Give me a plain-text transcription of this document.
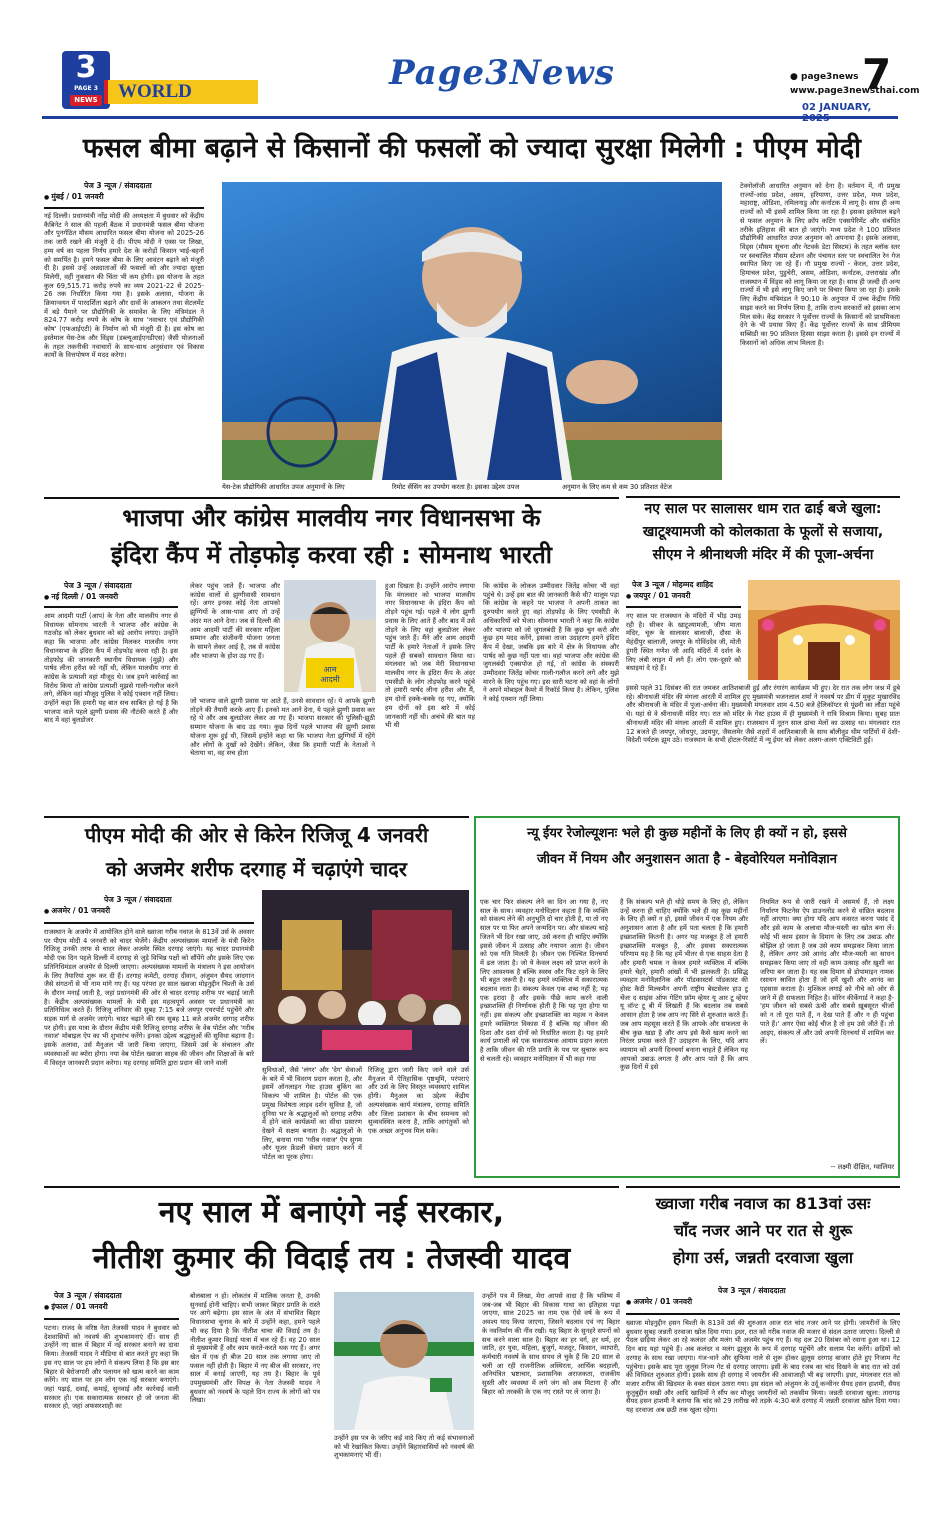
3
PAGE 3
NEWS WORLD	Page3News	● page3news
www.page3newsthai.com
7
02 JANUARY,
फसल बीमा बढ़ाने से किसानों की फसलों को ज्यादा सुरक्षा मिलेगी : पीएम मोदी
पेज 3 न्यूज / संवाददाता
● मुंबई / 01 जनवरी
नई दिल्ली। प्रधानमंत्री नरेंद्र मोदी की अध्यक्षता में बुधवार को केंद्रीय कैबिनेट ने साल की पहली बैठक में प्रधानमंत्री फसल बीमा योजना और पुनर्गठित मौसम आधारित फसल बीमा योजना को 2025-26 तक जारी रखने की मंजूरी दे दी। पीएम मोदी ने एक्स पर लिखा, हम्य वर्ष का पहला निर्णय हमारे देश के करोड़ों किसान भाई-बहनों को समर्पित है। हमने फसल बीमा के लिए आवंटन बढ़ाने को मंजूरी दी है। इससे उन्हें अन्नदाताओं की फसलों को और ज्यादा सुरक्षा मिलेगी, वहीं नुकसान की चिंता भी कम होगी। इस योजना के तहत कुल 69,515.71 करोड़ रुपये का व्यय 2021-22 से 2025-26 तक निर्धारित किया गया है। इसके अलावा, योजना के क्रियान्वयन में पारदर्शिता बढ़ाने और दावों के आकलन तथा सेटलमेंट में बड़े पैमाने पर प्रौद्योगिकी के समावेश के लिए मंत्रिमंडल ने 824.77 करोड़ रुपये के कोष के साथ 'नवाचार एवं प्रौद्योगिकी कोष' (एफआईएटी) के निर्माण को भी मंजूरी दी है। इस कोष का इस्तेमाल येस-टेक और विंड्स (डब्ल्यूआईएनडीएस) जैसी योजनाओं के तहत तकनीकी नवाचारों के साथ-साथ अनुसंधान एवं विकास कार्यों के वित्तपोषण में मदद करेगा।
येस-टेक प्रौद्योगिकी आधारित उपज अनुमानों के लिए	रिमोट सेंसिंग का उपयोग करता है। इसका उद्देश्य उपज	अनुमान के लिए कम से कम 30 प्रतिशत वेटेज
टेक्नोलॉजी आधारित अनुमान को देना है। वर्तमान में, नौ प्रमुख राज्यों-आंध्र प्रदेश, असम, हरियाणा, उत्तर प्रदेश, मध्य प्रदेश, महाराष्ट्र, ओडिशा, तमिलनाडु और कर्नाटक में लागू है। साथ ही अन्य राज्यों को भी इसमें शामिल किया जा रहा है। इसका इस्तेमाल बढ़ने से फसल अनुमान के लिए क्रॉप कटिंग एक्सपेरिमेंट और संबंधित तरीके इतिहास की बात हो जाएंगे। मध्य प्रदेश ने 100 प्रतिशत प्रौद्योगिकी आधारित उपज अनुमान को अपनाया है। इसके अलावा, विंड्स (मौसम सूचना और नेटवर्क डेटा सिस्टम) के तहत ब्लॉक स्तर पर स्वचालित मौसम स्टेशन और पंचायत स्तर पर स्वचालित रेन गेज स्थापित किए जा रहे हैं। नौ प्रमुख राज्यों - केरल, उत्तर प्रदेश, हिमाचल प्रदेश, पुडुचेरी, असम, ओडिशा, कर्नाटक, उत्तराखंड और राजस्थान में विंड्स को लागू किया जा रहा है। साथ ही जल्दी ही अन्य राज्यों में भी इसे लागू किए जाने पर विचार किया जा रहा है। इसके लिए केंद्रीय मंत्रिमंडल ने 90:10 के अनुपात में उच्च केंद्रीय निधि साझा करने का निर्णय लिया है, ताकि राज्य सरकारों को इसका लाभ मिल सके। केंद्र सरकार ने पूर्वोत्तर राज्यों के किसानों को प्राथमिकता देने के भी प्रयास किए हैं। केंद्र पूर्वोत्तर राज्यों के साथ प्रीमियम सब्सिडी का 90 प्रतिशत हिस्सा साझा करता है। इससे इन राज्यों में किसानों को अधिक लाभ मिलता है।
भाजपा और कांग्रेस मालवीय नगर विधानसभा के
इंदिरा कैंप में तोड़फोड़ करवा रही : सोमनाथ भारती
पेज 3 न्यूज / संवाददाता
● नई दिल्ली / 01 जनवरी
आम आदमी पार्टी (आप) के नेता और मालवीय नगर से विधायक सोमनाथ भारती ने भाजपा और कांग्रेस के गठजोड़ को लेकर बुधवार को बड़े आरोप लगाए। उन्होंने कहा कि भाजपा और कांग्रेस मिलकर मालवीय नगर विधानसभा के इंदिरा कैंप में तोड़फोड़ करवा रही है। इस तोड़फोड़ की जानकारी स्थानीय विधायक (मुझे) और पार्षद लीना हरीश को नहीं थी, लेकिन मालवीय नगर से कांग्रेस के प्रत्याशी वहां मौजूद थे। जब हमने कार्रवाई का विरोध किया तो कांग्रेस प्रत्याशी मुझसे गाली-गलौज करने लगे, लेकिन वहां मौजूद पुलिस ने कोई एक्शन नहीं लिया। उन्होंने कहा कि हमारी यह बात सच साबित हो गई है कि भाजपा वाले पहले झुग्गी प्रवास की नौटंकी करते हैं और बाद में वहां बुलडोजर
लेकर पहुंच जाते हैं। भाजपा और कांग्रेस वालों से झुग्गीवासी सावधान रहें। अगर इनका कोई नेता आपको झुग्गियों के आस-पास आए तो उन्हें अंदर मत आने देना। जब से दिल्ली की आम आदमी पार्टी की सरकार महिला सम्मान और संजीवनी योजना जनता के सामने लेकर आई है, तब से कांग्रेस और भाजपा के होश उड़ गए हैं।
आम
आदमी
जो भाजपा वाले झुग्गी प्रवास पर आते हैं, उनसे सावधान रहें। ये आपके झुग्गी तोड़ने की तैयारी करके आए हैं। इनको मत आने देना, ये पहले झुग्गी प्रवास कर रहे थे और अब बुलडोजर लेकर आ गए हैं। भाजपा सरकार की पुलिसी-झूठी सम्मान योजना के बाद उड़ गया। कुछ दिनों पहले भाजपा की झुग्गी प्रवास योजना शुरू हुई थी, जिसमें इन्होंने कहा था कि भाजपा नेता झुग्गियों में रहेंगे और लोगों के दुखों को देखेंगे। लेकिन, जैसा कि हमारी पार्टी के नेताओं ने चेताया था, वह सच होता
हुआ दिखता है। उन्होंने आरोप लगाया कि मंगलवार को भाजपा मालवीय नगर विधानसभा के इंदिरा कैंप को तोड़ने पहुंच गई। पहले ये लोग झुग्गी प्रवास के लिए आते हैं और बाद में उसे तोड़ने के लिए वहां बुलडोजर लेकर पहुंच जाते हैं। मैंने और आम आदमी पार्टी के हमारे नेताओं ने इसके लिए पहले ही सबको सावधान किया था। मंगलवार को जब मेरी विधानसभा मालवीय नगर के इंदिरा कैंप के अंदर एमसीडी के लोग तोड़फोड़ करने पहुंचे तो हमारी पार्षद लीना हरीश और मैं, हम दोनों हक्के-बक्के रह गए, क्योंकि हम दोनों को इस बारे में कोई जानकारी नहीं थी। अचंभे की बात यह भी थी
कि कांग्रेस के लोकल उम्मीदवार जितेंद्र कोचर भी वहां पहुंचे थे। उन्हें इस बात की जानकारी कैसे थी? मालूम पड़ा कि कांग्रेस के कहने पर भाजपा ने अपनी ताकत का दुरुपयोग करते हुए वहां तोड़फोड़ के लिए एमसीडी के अधिकारियों को भेजा। सोमनाथ भारती ने कहा कि कांग्रेस और भाजपा को जो जुगलबंदी है कि कुछ चुन करो और कुछ हम मदद करेंगे, इसका ताजा उदाहरण हमने इंदिरा कैंप में देखा, जबकि इस बारे में क्षेत्र के विधायक और पार्षद को कुछ नहीं पता था। वहां भाजपा और कांग्रेस की जुगलबंदी एक्सपोज हो गई, तो कांग्रेस के संस्कारी उम्मीदवार जितेंद्र कोचर गाली-गलौज करने लगे और मुझे मारने के लिए पहुंच गए। इस सारी घटना को वहां के लोगों ने अपने मोबाइल कैमरे में रिकॉर्ड किया है। लेकिन, पुलिस ने कोई एक्शन नहीं लिया।
नए साल पर सालासर धाम रात ढाई बजे खुला:
खाटूश्यामजी को कोलकाता के फूलों से सजाया,
सीएम ने श्रीनाथजी मंदिर में की पूजा-अर्चना
पेज 3 न्यूज / मोहम्मद शाहिद
● जयपुर / 01 जनवरी
नए साल पर राजस्थान के मंदिरों में भीड़ उमड़ रही है। सीकर के खाटूश्यामजी, जीण माता मंदिर, चूरू के सालासर बालाजी, दौसा के मेहंदीपुर बालाजी, जयपुर के गोविंददेव जी, मोती डूंगरी स्थित गणेश जी आदि मंदिरों में दर्शन के लिए लंबी लाइन में लगे हैं। लोग एक-दूसरे को बधाइयां दे रहे हैं।
इससे पहले 31 दिसंबर की रात जमकर आतिशबाजी हुई और रंगारंग कार्यक्रम भी हुए। देर रात तक लोग जश्न में डूबे रहे। श्रीनाथजी मंदिर की मंगला आरती में शामिल हुए मुख्यमंत्री भजनलाल शर्मा ने नववर्ष पर डीग में मुकुट मुखारविंद और श्रीनाथजी के मंदिर में पूजा-अर्चना की। मुख्यमंत्री मंगलवार शाम 4.50 बजे हेलिकॉप्टर से पूंछरी का लौठा पहुंचे थे। यहां से वे श्रीनाथजी मंदिर गए। रात को मंदिर के गेस्ट हाउस में ही मुख्यमंत्री ने रात्रि विश्राम किया। सुबह प्रातः श्रीनाथजी मंदिर की मंगला आरती में शामिल हुए। राजस्थान में नूतन साल ढांचा मेलों का उत्साह था। मंगलवार रात 12 बजते ही जयपुर, जोधपुर, उदयपुर, जैसलमेर जैसे शहरों में आतिशबाजी के साथ बॉलीवुड थीम पार्टियों में देशी-विदेशी पर्यटक झूम उठे। राजस्थान के सभी होटल-रिसॉर्ट में न्यू ईयर को लेकर अलग-अलग एक्टिविटी हुईं।
पीएम मोदी की ओर से किरेन रिजिजू 4 जनवरी
को अजमेर शरीफ दरगाह में चढ़ाएंगे चादर
पेज 3 न्यूज / संवाददाता
● अजमेर / 01 जनवरी
राजस्थान के अजमेर में आयोजित होने वाले ख्वाजा गरीब नवाज के 813वें उर्स के अवसर पर पीएम मोदी 4 जनवरी को चादर भेजेंगे। केंद्रीय अल्पसंख्यक मामलों के मंत्री किरेन रिजिजू उनकी तरफ से चादर लेकर अजमेर स्थित दरगाह जाएंगे। यह चादर प्रधानमंत्री मोदी एक दिन पहले दिल्ली में दरगाह से जुड़े विभिन्न पक्षों को सौंपेंगे और इसके लिए एक प्रतिनिधिमंडल अजमेर से दिल्ली जाएगा। अल्पसंख्यक मामलों के मंत्रालय ने इस आयोजन के लिए तैयारियां शुरू कर दी हैं। दरगाह कमेटी, दरगाह दीवान, अंजुमन सैयद जादगान जैसे संगठनों से भी नाम मांगे गए हैं। यह परंपरा हर साल ख्वाजा मोइनुद्दीन चिश्ती के उर्स के दौरान मनाई जाती है, जहां प्रधानमंत्री की ओर से चादर दरगाह शरीफ पर चढ़ाई जाती है। केंद्रीय अल्पसंख्यक मामलों के मंत्री इस महत्वपूर्ण अवसर पर प्रधानमंत्री का प्रतिनिधित्व करते हैं। रिजिजू शनिवार की सुबह 7:15 बजे जयपुर एयरपोर्ट पहुंचेंगे और सड़क मार्ग से अजमेर जाएंगे। चादर चढ़ाने की रस्म सुबह 11 बजे अजमेर दरगाह शरीफ पर होगी। इस यात्रा के दौरान केंद्रीय मंत्री रिजिजू दरगाह शरीफ के वेब पोर्टल और 'गरीब नवाज' मोबाइल ऐप का भी शुभारंभ करेंगे। इनका उद्देश्य श्रद्धालुओं की सुविधा बढ़ाना है। इसके अलावा, उर्स मैनुअल भी जारी किया जाएगा, जिसमें उर्स के संचालन और व्यवस्थाओं का ब्योरा होगा। नया वेब पोर्टल ख्वाजा साहब की जीवन और शिक्षाओं के बारे में विस्तृत जानकारी प्रदान करेगा। यह दरगाह समिति द्वारा प्रदान की जाने वाली
सुविधाओं, जैसे 'लंगर' और 'देग' सेवाओं के बारे में भी विवरण प्रदान करता है, और इसमें ऑनलाइन गेस्ट हाउस बुकिंग का विकल्प भी शामिल है। पोर्टल की एक प्रमुख विशेषता लाइव दर्शन सुविधा है, जो दुनिया भर के श्रद्धालुओं को दरगाह शरीफ में होने वाले कार्यक्रमों का सीधा प्रसारण देखने में सक्षम बनाता है। श्रद्धालुओं के लिए, बनाया गया 'गरीब नवाज' ऐप सुगम और यूजर फ्रेंडली सेवाएं प्रदान करने में पोर्टल का पूरक होगा।
रिजिजू द्वारा जारी किए जाने वाले उर्स मैनुअल में ऐतिहासिक पृष्ठभूमि, परंपराएं और उर्स के लिए विस्तृत व्यवस्थाएं शामिल होंगी। मैनुअल का उद्देश्य केंद्रीय अल्पसंख्यक कार्य मंत्रालय, दरगाह समिति और जिला प्रशासन के बीच समन्वय को सुव्यवस्थित करना है, ताकि आगंतुकों को एक अच्छा अनुभव मिल सके।
न्यू ईयर रेजोल्यूशनः भले ही कुछ महीनों के लिए ही क्यों न हो, इससे
जीवन में नियम और अनुशासन आता है - बेहवोरियल मनोविज्ञान
एक चार फिर संकल्प लेने का दिन आ गया है, नए साल के साथ। व्यवहार मनोविज्ञान कहता है कि व्यक्ति को संकल्प लेने की अनुभूति दो चार होती है, या तो नए साल पर या फिर अपने जन्मदिन पर। और संकल्प चाहे जितने भी दिन रखा जाए, उसे करना ही चाहिए क्योंकि इससे जीवन में उत्साह और नयापन आता है। जीवन को एक गति मिलती है। जीवन एक निश्चित दिनचर्या में ढल जाता है। जो ये केवल लक्ष्य को प्राप्त करने के लिए आवश्यक है बल्कि स्वस्थ और फिट रहने के लिए भी बहुत जरूरी है। यह हमारे व्यक्तित्व में सकारात्मक बदलाव लाता है। संकल्प केवल एक शब्द नहीं है; यह एक इरादा है और इसके पीछे काम करने वाली इच्छाशक्ति ही निर्णायक होती है कि यह पूरा होगा या नहीं। इस संकल्प और इच्छाशक्ति का महत्व न केवल हमारे व्यक्तिगत विकास में है बल्कि यह जीवन की दिशा और दशा दोनों को निर्धारित करता है। यह हमारे कार्य प्रणाली को एक सकारात्मक आयाम प्रदान करता है ताकि जीवन की गति प्रगति के पथ पर सुचारू रूप से चलती रहे। व्यवहार मनोविज्ञान में भी कहा गया
है कि संकल्प भले ही थोड़े समय के लिए हो, लेकिन उन्हें करना ही चाहिए क्योंकि भले ही वह कुछ महीनों के लिए ही क्यों न हो, इससे जीवन में एक नियम और अनुशासन आता है और हमें पता चलता है कि हमारी इच्छाशक्ति कितनी है। अगर यह मजबूत है तो हमारी इच्छाशक्ति मजबूत है, और इसका सकारात्मक परिणाम यह है कि यह हमें भीतर से एक साहस देता है और हमारी चमक न केवल हमारे व्यक्तित्व में बल्कि हमारे चेहरे, हमारी आंखों में भी झलकती है। प्रसिद्ध व्यवहार मनोवैज्ञानिक और पॉडकास्टर्स पॉडकास्ट की होस्ट कैटी मिल्कमैन अपनी राष्ट्रीय बेस्टसेलर हाउ टू चेंजः द साइंस ऑफ गेटिंग फ्रॉम व्हेयर यू आर टू व्हेयर यू वॉन्ट टू बी में लिखती हैं कि बदलाव तब सबसे आसान होता है जब आप नए सिरे से शुरुआत करते हैं। जब आप महसूस करते हैं कि आपके और सफलता के बीच कुछ खड़ा है और आप इसे कैसे खत्म करने का निरंतर प्रयास करते हैं? उदाहरण के लिए, यदि आप व्यायाम को अपनी दिनचर्या बनाना चाहते हैं लेकिन यह आपको उबाऊ लगता है और आप पाते हैं कि आप कुछ दिनों में इसे
नियमित रूप से जारी रखने में असमर्थ हैं, तो लक्ष्य निर्धारण फिटनेस ऐप डाउनलोड करने से वांछित बदलाव नहीं आएगा। क्या होगा यदि आप कसरत करना पसंद दें और इसे काम के अलावा मौज-मस्ती का खोत बना लें। कोई भी काम इंसान के दिमाग के लिए तब उबाऊ और बोझिल हो जाता है जब उसे काम समझकर किया जाता है, लेकिन अगर उसे आनंद और मौज-मस्ती का साधन समझकर किया जाए तो वही काम उत्साह और ख़ुशी का जरिया बन जाता है। यह सब दिमाग से डोपामाइन नामक रसायन स्रावित होता है जो हमें खुशी और आनंद का एहसास कराता है। मुश्किल लगाई को नीचे को ओर से जाने में ही सफलता निहित है। सोरेन कीर्केगार्ड ने कहा है- 'हम जीवन को सबसे ऊंची और सबसे ख़ूबसूरत चीजों को न तो पूरा पाते हैं, न देख पाते हैं और न ही पहुंचा पाते हैं।' अगर ऐसा कोई चीज है तो हम उसे जीते हैं। तो आइए, संकल्प लें और उसे अपनी दिनचर्या में शामिल कर लें।
-- लक्ष्मी दीक्षित, ग्वालियर
नए साल में बनाएंगे नई सरकार,
नीतीश कुमार की विदाई तय : तेजस्वी यादव
पेज 3 न्यूज / संवाददाता
● इंफाल / 01 जनवरी
पटना। राजद के वरिष्ठ नेता तेजस्वी यादव ने बुधवार को देशवासियों को नववर्ष की शुभकामनाएं दीं। साथ ही उन्होंने नए साल में बिहार में नई सरकार बनाने का दावा किया। तेजस्वी यादव ने मीडिया से बात करते हुए कहा कि इस नए साल पर हम लोगों ने संकल्प लिया है कि इस बार बिहार से बेरोजगारी और पलायन को खत्म करने का काम करेंगे। नए साल पर हम लोग एक नई सरकार बनाएंगे। जहां पढ़ाई, दवाई, कमाई, सुनवाई और कार्रवाई वाली सरकार हो। एक सकारात्मक सरकार हो जो जनता की सरकार हो, जहां अफसरशाही का
बोलबाला न हो। लोकतंत्र में मालिक जनता है, उनकी सुनवाई होनी चाहिए। सभी जाकर बिहार प्रगति के रास्ते पर आगे बढ़ेगा। इस साल के अंत में संभावित बिहार विधानसभा चुनाव के बारे में उन्होंने कहा, हमने पहले भी कह दिया है कि नीतीश चाचा की विदाई तय है। नीतीश कुमार विदाई यात्रा में चल रहे हैं। वह 20 साल से मुख्यमंत्री हैं और काम करते-करते थक गए हैं। अगर खेत में एक ही बीज 20 साल तक लगाया जाए तो फसल नहीं होती है। बिहार में नए बीज की सरकार, नए साल में बनाई जाएगी, यह तय है। बिहार के पूर्व उपमुख्यमंत्री और विपक्ष के नेता तेजस्वी यादव ने बुधवार को नववर्ष के पहले दिन राज्य के लोगों को पत्र लिखा।
उन्होंने इस पत्र के जरिए कई वादे किए तो कई संभावनाओं को भी रेखांकित किया। उन्होंने बिहारवासियों को नववर्ष की शुभकामनाएं भी दीं।
उन्होंने पत्र में लिखा, मेरा आपसे वादा है कि भविष्य में जब-जब भी बिहार की विकास गाथा का इतिहास पढ़ा जाएगा, साल 2025 का नाम एक ऐसे वर्ष के रूप में अवश्य याद किया जाएगा, जिसने बदलाव एवं नए बिहार के नवनिर्माण की नींव रखी। यह बिहार के सुनहरे सपनों को सच करने वाला साल है। बिहार का हर वर्ग, हर धर्म, हर जाति, हर युवा, महिला, बुजुर्ग, मजदूर, किसान, व्यापारी, कर्मचारी नववर्ष के साथ सपथ ले चुके हैं कि 20 साल से चली आ रही राजनीतिक अस्थिरता, आर्थिक बदहाली, अनियंत्रित भ्रष्टाचार, प्रशासनिक अराजकता, राजकीय सुस्ती और व्यवस्था में लगे जंग को अब मिटाना है और बिहार को तरक्की के एक नए रास्ते पर ले जाना है।
ख्वाजा गरीब नवाज का 813वां उसः
चाँद नजर आने पर रात से शुरू
होगा उर्स, जन्नती दरवाजा खुला
पेज 3 न्यूज / संवाददाता
● अजमेर / 01 जनवरी
ख्वाजा मोइनुद्दीन हसन चिश्ती के 813वें उर्स की शुरुआत आज रात चांद नजर आने पर होगी। जायरीनों के लिए बुधवार सुबह जन्नती दरवाजा खोल दिया गया। इधर, रात को गरीब नवाज की मजार से संदल उतारा जाएगा। दिल्ली से पैदल छड़िया लेकर आ रहे कलंदर और मलंग भी अजमेर पहुंच गए हैं। यह दल 20 दिसंबर को रवाना हुआ था। 12 दिन बाद यहां पहुंचे हैं। अब कलंदर व मलंग झुलूस के रूप में दरगाह पहुंचेंगे और सलाम पेश करेंगे। छड़ियों को दरगाह के साथ रखा जाएगा। गंज-थाने और सुफिया नाले से शुरू होकर झुलूस दरगाह बाजार होते हुए निजाम गेट पहुंचेगा। इसके बाद पूरा जुलूस निज्म गेट से दरगाह जाएगा। इसी के बाद रजब का चांद दिखने के बाद रात को उर्स की विधिवत शुरुआत होगी। इसके साथ ही दरगाह में जायरीन की आवाजाही भी बढ़ जाएगी। इधर, मंगलवार रात को मजार शरीफ की खिदमत के वक्त संदल उतारा गया। इस संदल को अंजुमन के उर्दू कन्वीनर सैयद हसन हाशमी, सैयद कुतुबुद्दीन सखी और आदि खादिमों ने सौंप कर मौजूद जायरीनों को तकसीम किया। जन्नती दरवाजा खुला: तारागढ़ सैयद हसन हाशमी ने बताया कि चांद को 29 तारीख को तड़के 4:30 बजे दरगाह में जन्नती दरवाजा खोल दिया गया। यह दरवाजा अब छठी तक खुला रहेगा।
